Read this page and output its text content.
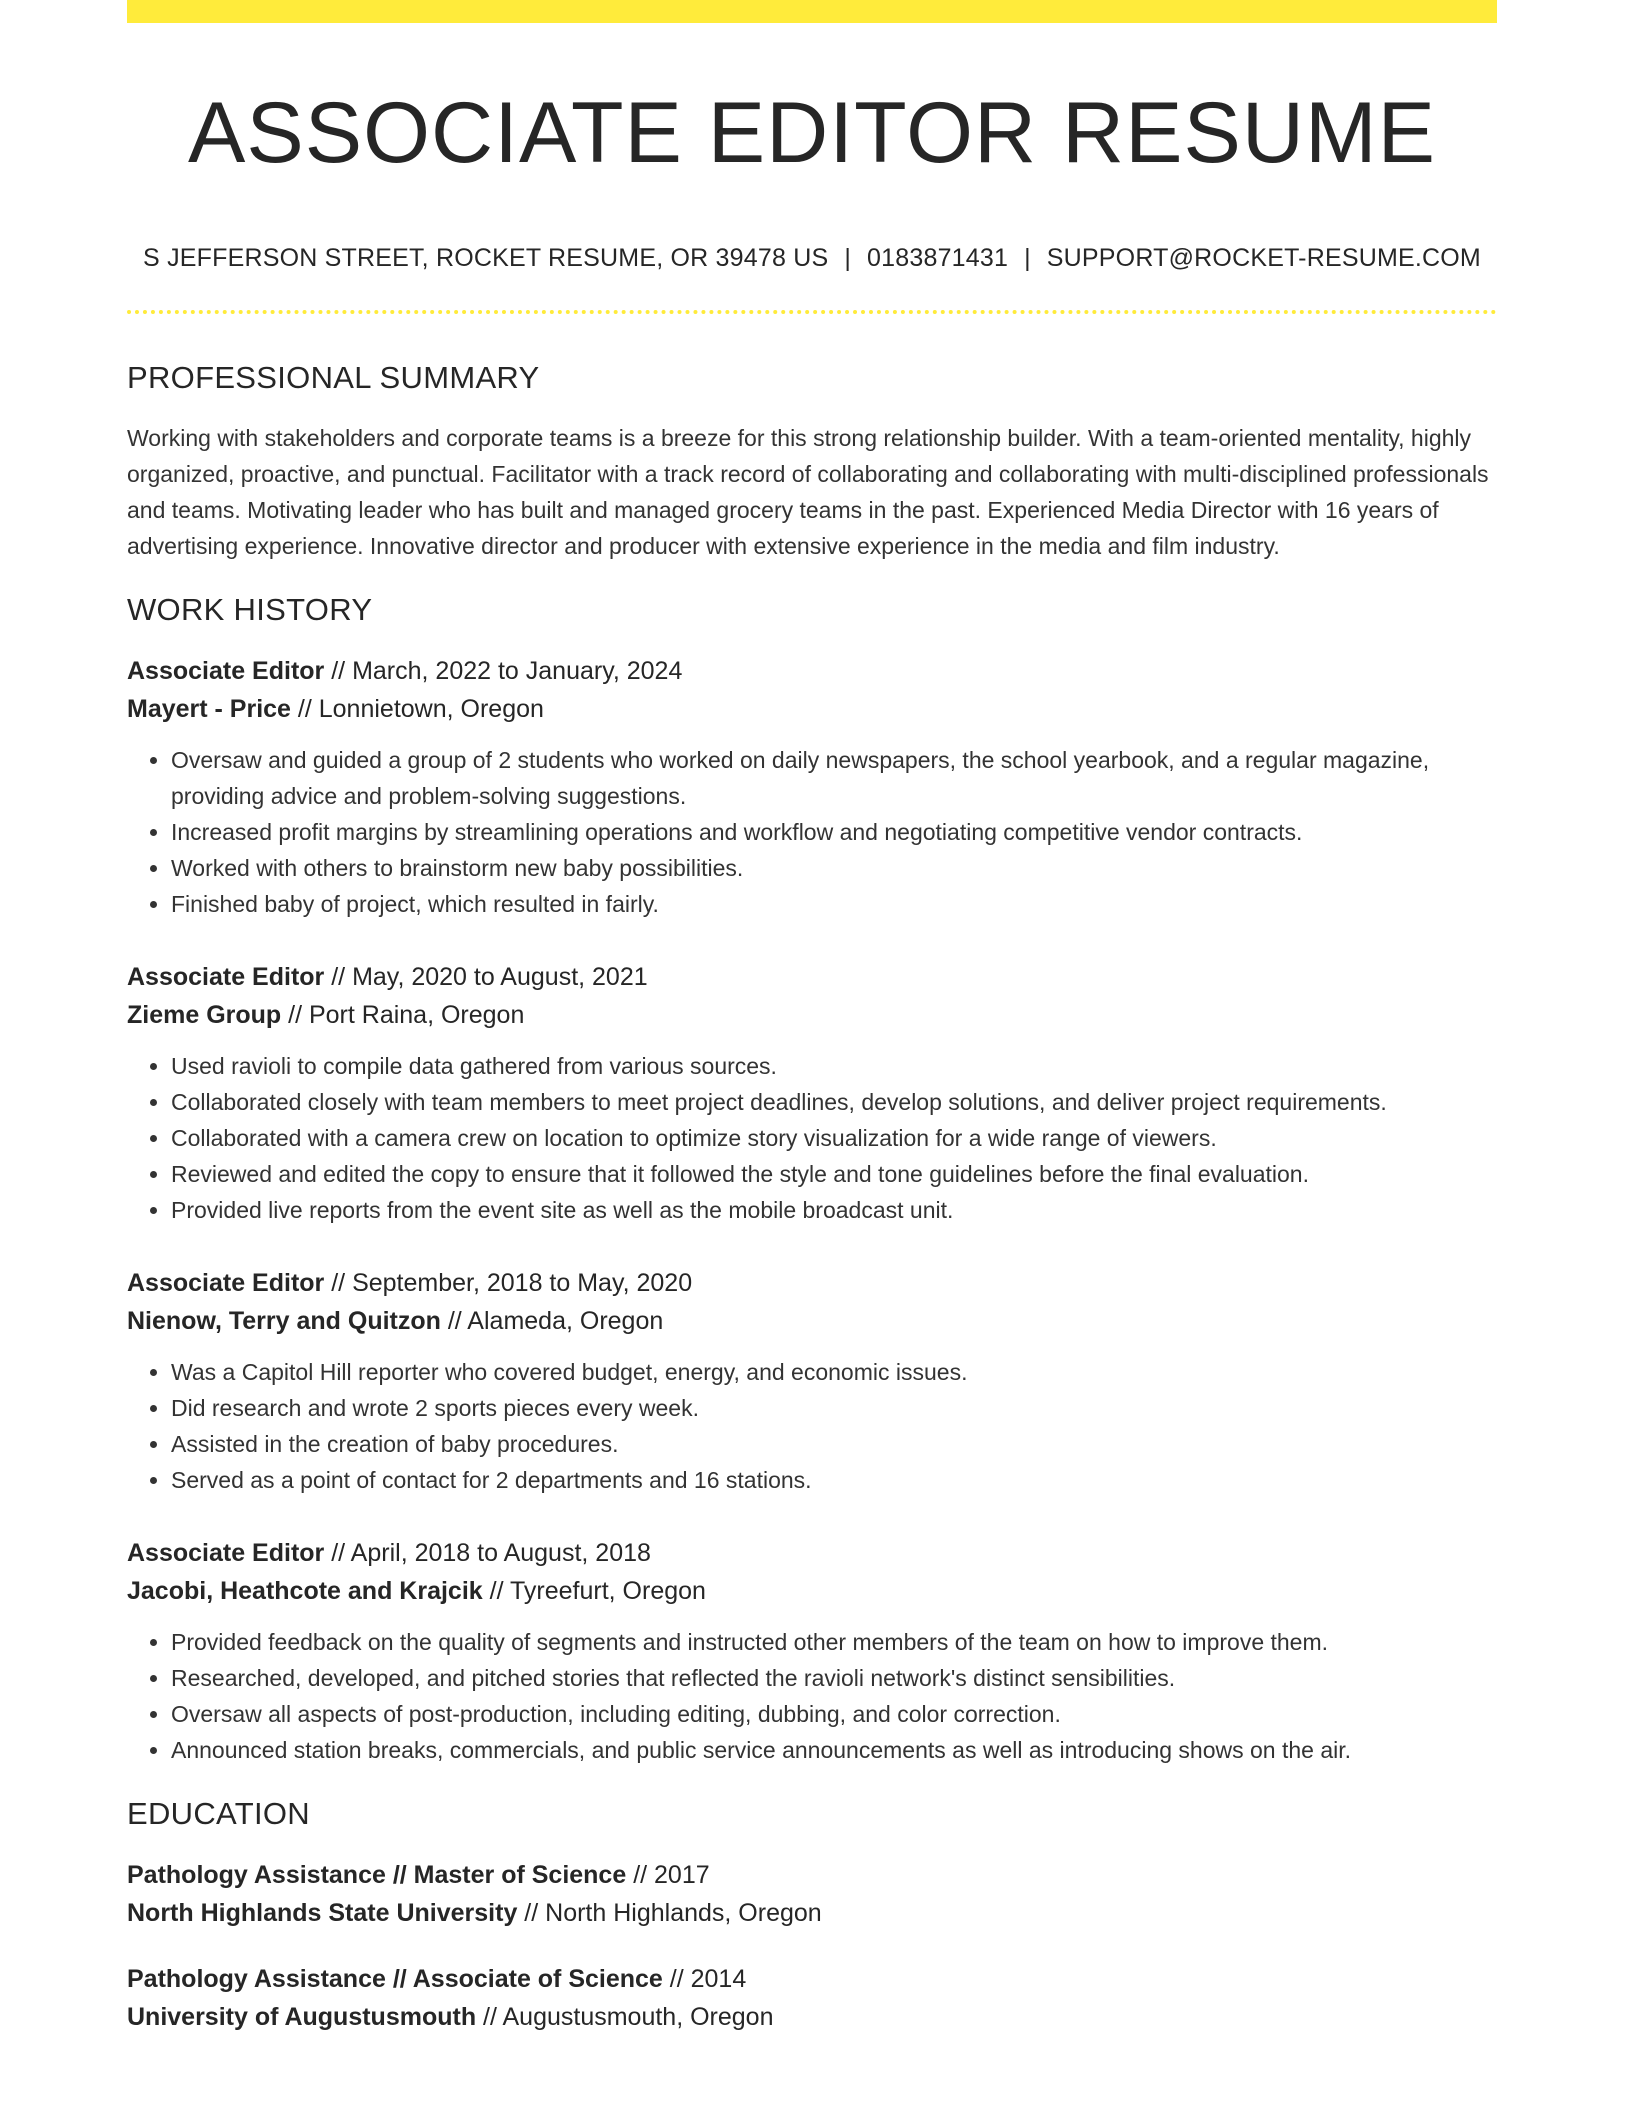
ASSOCIATE EDITOR RESUME
S JEFFERSON STREET, ROCKET RESUME, OR 39478 US | 0183871431 | SUPPORT@ROCKET-RESUME.COM
PROFESSIONAL SUMMARY

Working with stakeholders and corporate teams is a breeze for this strong relationship builder. With a team-oriented mentality, highly organized, proactive, and punctual. Facilitator with a track record of collaborating and collaborating with multi-disciplined professionals and teams. Motivating leader who has built and managed grocery teams in the past. Experienced Media Director with 16 years of advertising experience. Innovative director and producer with extensive experience in the media and film industry.

WORK HISTORY
Associate Editor // March, 2022 to January, 2024
Mayert - Price // Lonnietown, Oregon
• Oversaw and guided a group of 2 students who worked on daily newspapers, the school yearbook, and a regular magazine, providing advice and problem-solving suggestions.
• Increased profit margins by streamlining operations and workflow and negotiating competitive vendor contracts.
• Worked with others to brainstorm new baby possibilities.
• Finished baby of project, which resulted in fairly.
Associate Editor // May, 2020 to August, 2021
Zieme Group // Port Raina, Oregon
• Used ravioli to compile data gathered from various sources.
• Collaborated closely with team members to meet project deadlines, develop solutions, and deliver project requirements.
• Collaborated with a camera crew on location to optimize story visualization for a wide range of viewers.
• Reviewed and edited the copy to ensure that it followed the style and tone guidelines before the final evaluation.
• Provided live reports from the event site as well as the mobile broadcast unit.
Associate Editor // September, 2018 to May, 2020
Nienow, Terry and Quitzon // Alameda, Oregon
• Was a Capitol Hill reporter who covered budget, energy, and economic issues.
• Did research and wrote 2 sports pieces every week.
• Assisted in the creation of baby procedures.
• Served as a point of contact for 2 departments and 16 stations.
Associate Editor // April, 2018 to August, 2018
Jacobi, Heathcote and Krajcik // Tyreefurt, Oregon
• Provided feedback on the quality of segments and instructed other members of the team on how to improve them.
• Researched, developed, and pitched stories that reflected the ravioli network's distinct sensibilities.
• Oversaw all aspects of post-production, including editing, dubbing, and color correction.
• Announced station breaks, commercials, and public service announcements as well as introducing shows on the air.
EDUCATION
Pathology Assistance // Master of Science // 2017
North Highlands State University // North Highlands, Oregon
Pathology Assistance // Associate of Science // 2014
University of Augustusmouth // Augustusmouth, Oregon
